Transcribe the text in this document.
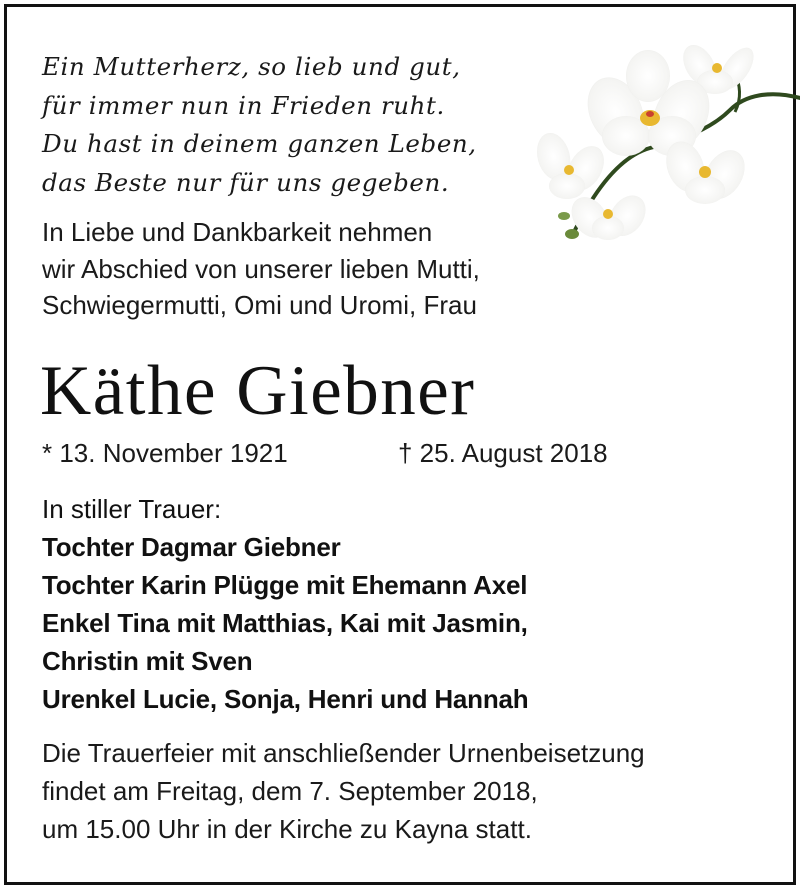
Ein Mutterherz, so lieb und gut,
für immer nun in Frieden ruht.
Du hast in deinem ganzen Leben,
das Beste nur für uns gegeben.
In Liebe und Dankbarkeit nehmen
wir Abschied von unserer lieben Mutti,
Schwiegermutti, Omi und Uromi, Frau
Käthe Giebner
* 13. November 1921	† 25. August 2018
In stiller Trauer:
Tochter Dagmar Giebner
Tochter Karin Plügge mit Ehemann Axel
Enkel Tina mit Matthias, Kai mit Jasmin,
Christin mit Sven
Urenkel Lucie, Sonja, Henri und Hannah
Die Trauerfeier mit anschließender Urnenbeisetzung
findet am Freitag, dem 7. September 2018,
um 15.00 Uhr in der Kirche zu Kayna statt.
